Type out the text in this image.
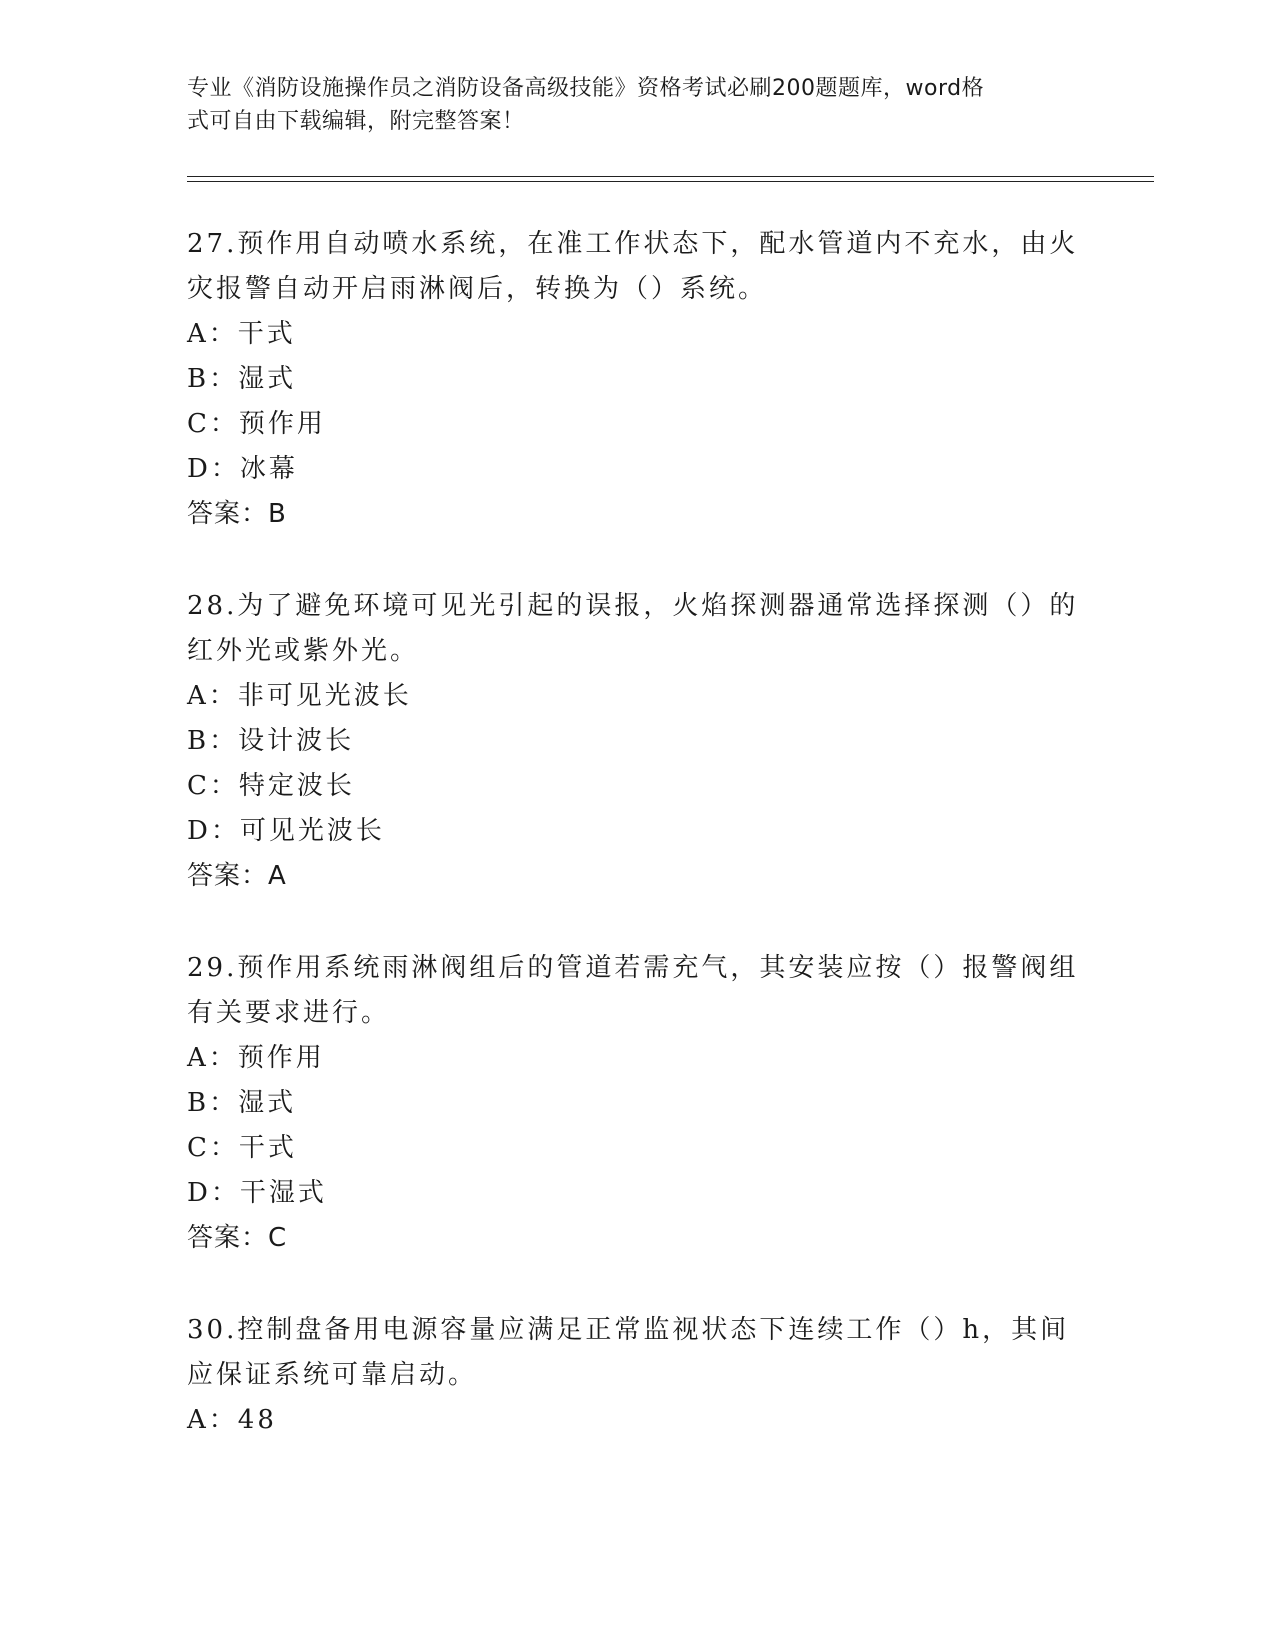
专业《消防设施操作员之消防设备高级技能》资格考试必刷200题题库，word格
式可自由下载编辑，附完整答案！
27.预作用自动喷水系统，在准工作状态下，配水管道内不充水，由火
灾报警自动开启雨淋阀后，转换为（）系统。
A：干式
B：湿式
C：预作用
D：冰幕
答案：B
28.为了避免环境可见光引起的误报，火焰探测器通常选择探测（）的
红外光或紫外光。
A：非可见光波长
B：设计波长
C：特定波长
D：可见光波长
答案：A
29.预作用系统雨淋阀组后的管道若需充气，其安装应按（）报警阀组
有关要求进行。
A：预作用
B：湿式
C：干式
D：干湿式
答案：C
30.控制盘备用电源容量应满足正常监视状态下连续工作（）h，其间
应保证系统可靠启动。
A：48
